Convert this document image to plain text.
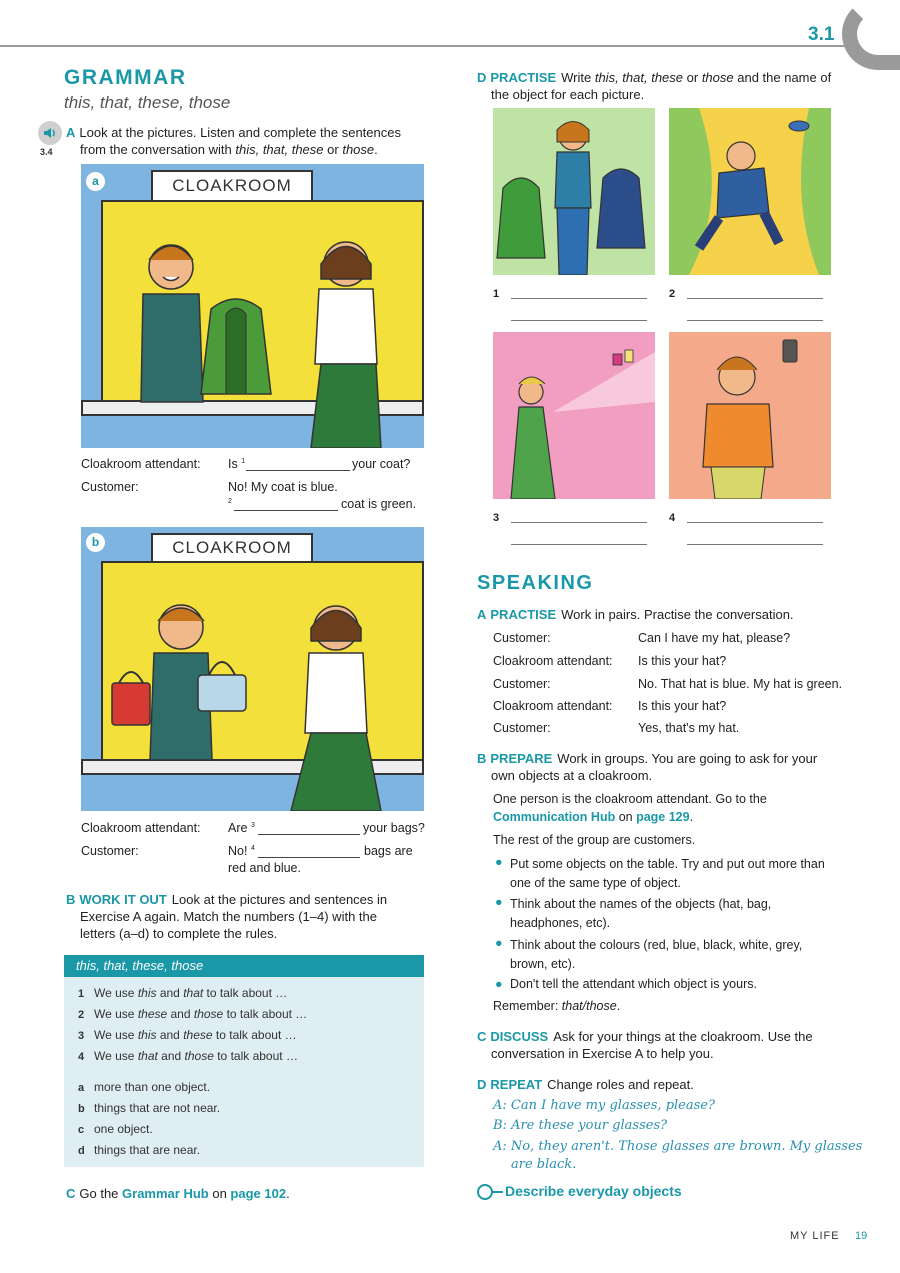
3.1
GRAMMAR
this, that, these, those
3.4
A Look at the pictures. Listen and complete the sentences
from the conversation with this, that, these or those.
CLOAKROOM
a
Cloakroom attendant: Is $^1$	your coat?
Customer:	No! My coat is blue.
$^2$	coat is green.
CLOAKROOM
b
Cloakroom attendant: Are $^3$	your bags?
Customer:	No! $^4$	bags are
red and blue.
B WORK IT OUT Look at the pictures and sentences in
Exercise A again. Match the numbers (1–4) with the
letters (a–d) to complete the rules.
this, that, these, those
1 We use this and that to talk about …
2 We use these and those to talk about …
3 We use this and these to talk about …
4 We use that and those to talk about …
a more than one object.
b things that are not near.
c one object.
d things that are near.
C Go the Grammar Hub on page 102.
D PRACTISE Write this, that, these or those and the name of
the object for each picture.
1	2
3	4
SPEAKING
A PRACTISE Work in pairs. Practise the conversation.
Customer:	Can I have my hat, please?
Cloakroom attendant: Is this your hat?
Customer:	No. That hat is blue. My hat is green.
Cloakroom attendant: Is this your hat?
Customer:	Yes, that's my hat.
B PREPARE Work in groups. You are going to ask for your
own objects at a cloakroom.
One person is the cloakroom attendant. Go to the
Communication Hub on page 129.
The rest of the group are customers.
● Put some objects on the table. Try and put out more than
one of the same type of object.
● Think about the names of the objects (hat, bag,
headphones, etc).
● Think about the colours (red, blue, black, white, grey,
brown, etc).
● Don't tell the attendant which object is yours.
Remember: that/those.
C DISCUSS Ask for your things at the cloakroom. Use the
conversation in Exercise A to help you.
D REPEAT Change roles and repeat.
A: Can I have my glasses, please?
B: Are these your glasses?
A: No, they aren't. Those glasses are brown. My glasses
are black.
Describe everyday objects
MY LIFE 19
